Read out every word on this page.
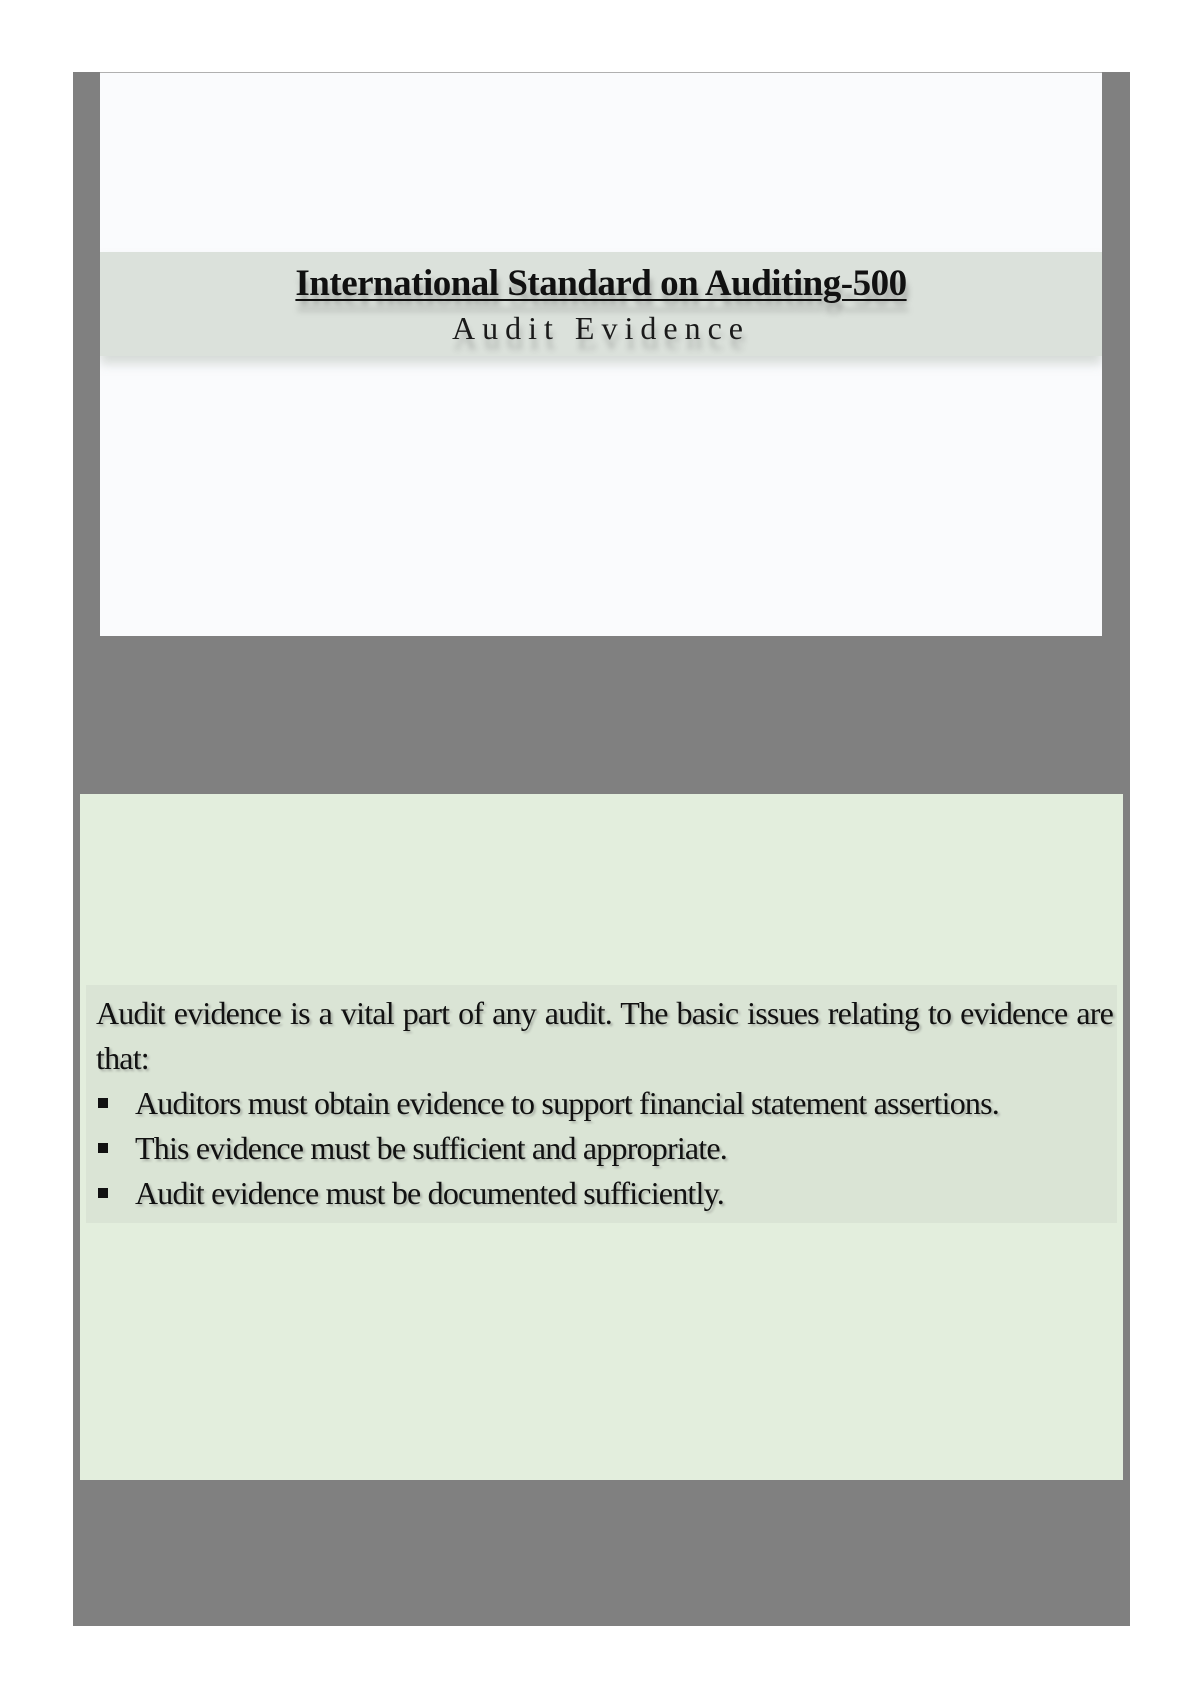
International Standard on Auditing-500
Audit Evidence

Audit evidence is a vital part of any audit. The basic issues relating to evidence are that:

Auditors must obtain evidence to support financial statement assertions.
This evidence must be sufficient and appropriate.
Audit evidence must be documented sufficiently.
